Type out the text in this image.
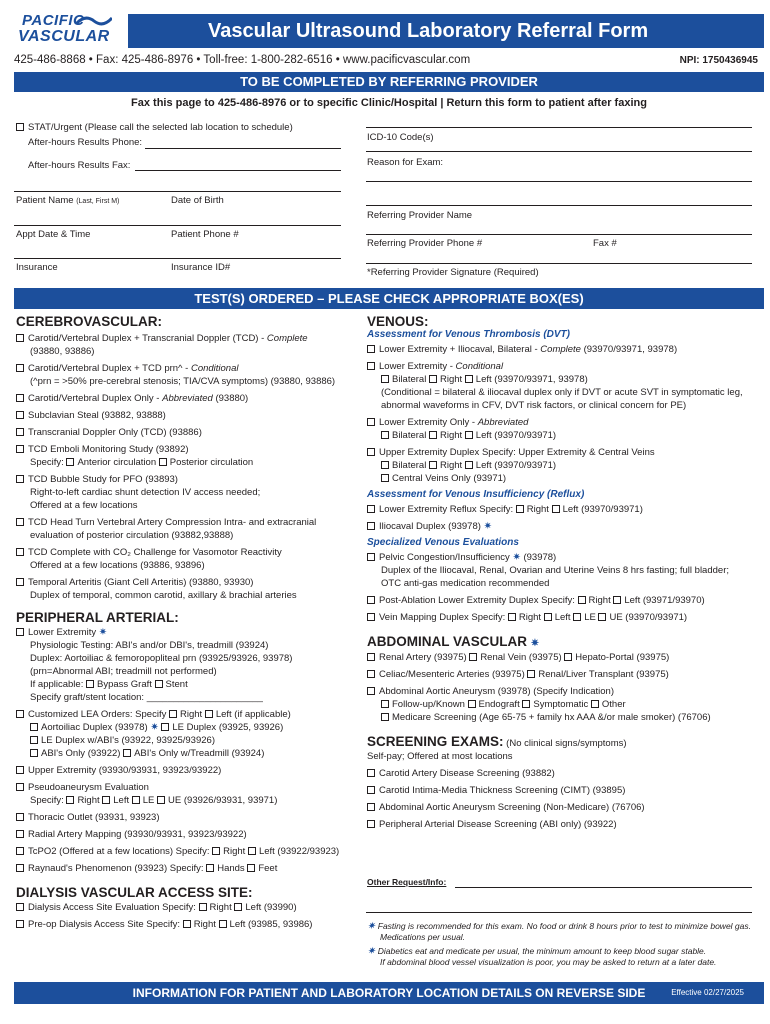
PACIFIC
VASCULAR	Vascular Ultrasound Laboratory Referral Form
425-486-8868 • Fax: 425-486-8976 • Toll-free: 1-800-282-6516 • www.pacificvascular.com	NPI: 1750436945
TO BE COMPLETED BY REFERRING PROVIDER
Fax this page to 425-486-8976 or to specific Clinic/Hospital | Return this form to patient after faxing
STAT/Urgent (Please call the selected lab location to schedule)
After-hours Results Phone:
After-hours Results Fax:
Patient Name (Last, First M)	Date of Birth
Appt Date & Time	Patient Phone #
Insurance	Insurance ID#
ICD-10 Code(s)
Reason for Exam:
Referring Provider Name
Referring Provider Phone #	Fax #
*Referring Provider Signature (Required)
TEST(S) ORDERED – PLEASE CHECK APPROPRIATE BOX(ES)
CEREBROVASCULAR:
Carotid/Vertebral Duplex + Transcranial Doppler (TCD) - Complete
(93880, 93886)
Carotid/Vertebral Duplex + TCD prn^ - Conditional
(^prn = >50% pre-cerebral stenosis; TIA/CVA symptoms) (93880, 93886)
Carotid/Vertebral Duplex Only - Abbreviated (93880)
Subclavian Steal (93882, 93888)
Transcranial Doppler Only (TCD) (93886)
TCD Emboli Monitoring Study (93892)
Specify: Anterior circulation Posterior circulation
TCD Bubble Study for PFO (93893)
Right-to-left cardiac shunt detection IV access needed;
Offered at a few locations
TCD Head Turn Vertebral Artery Compression Intra- and extracranial
evaluation of posterior circulation (93882,93888)
TCD Complete with CO₂ Challenge for Vasomotor Reactivity
Offered at a few locations (93886, 93896)
Temporal Arteritis (Giant Cell Arteritis) (93880, 93930)
Duplex of temporal, common carotid, axillary & brachial arteries
PERIPHERAL ARTERIAL:
Lower Extremity ✷
Physiologic Testing: ABI's and/or DBI's, treadmill (93924)
Duplex: Aortoiliac & femoropopliteal prn (93925/93926, 93978)
(prn=Abnormal ABI; treadmill not performed)
If applicable: Bypass Graft Stent
Specify graft/stent location: ______________________
Customized LEA Orders: Specify Right Left (if applicable)
Aortoiliac Duplex (93978) ✷ LE Duplex (93925, 93926)
LE Duplex w/ABI's (93922, 93925/93926)
ABI's Only (93922) ABI's Only w/Treadmill (93924)
Upper Extremity (93930/93931, 93923/93922)
Pseudoaneurysm Evaluation
Specify: Right Left LE UE (93926/93931, 93971)
Thoracic Outlet (93931, 93923)
Radial Artery Mapping (93930/93931, 93923/93922)
TcPO2 (Offered at a few locations) Specify: Right Left (93922/93923)
Raynaud's Phenomenon (93923) Specify: Hands Feet
DIALYSIS VASCULAR ACCESS SITE:
Dialysis Access Site Evaluation Specify: Right Left (93990)
Pre-op Dialysis Access Site Specify: Right Left (93985, 93986)
VENOUS:
Assessment for Venous Thrombosis (DVT)
Lower Extremity + Iliocaval, Bilateral - Complete (93970/93971, 93978)
Lower Extremity - Conditional
Bilateral Right Left (93970/93971, 93978)
(Conditional = bilateral & iliocaval duplex only if DVT or acute SVT in symptomatic leg,
abnormal waveforms in CFV, DVT risk factors, or clinical concern for PE)
Lower Extremity Only - Abbreviated
Bilateral Right Left (93970/93971)
Upper Extremity Duplex Specify: Upper Extremity & Central Veins
Bilateral Right Left (93970/93971)
Central Veins Only (93971)
Assessment for Venous Insufficiency (Reflux)
Lower Extremity Reflux Specify: Right Left (93970/93971)
Iliocaval Duplex (93978) ✷
Specialized Venous Evaluations
Pelvic Congestion/Insufficiency ✷ (93978)
Duplex of the Iliocaval, Renal, Ovarian and Uterine Veins 8 hrs fasting; full bladder;
OTC anti-gas medication recommended
Post-Ablation Lower Extremity Duplex Specify: Right Left (93971/93970)
Vein Mapping Duplex Specify: Right Left LE UE (93970/93971)
ABDOMINAL VASCULAR ✷
Renal Artery (93975) Renal Vein (93975) Hepato-Portal (93975)
Celiac/Mesenteric Arteries (93975) Renal/Liver Transplant (93975)
Abdominal Aortic Aneurysm (93978) (Specify Indication)
Follow-up/Known Endograft Symptomatic Other
Medicare Screening (Age 65-75 + family hx AAA &/or male smoker) (76706)
SCREENING EXAMS: (No clinical signs/symptoms)
Self-pay; Offered at most locations
Carotid Artery Disease Screening (93882)
Carotid Intima-Media Thickness Screening (CIMT) (93895)
Abdominal Aortic Aneurysm Screening (Non-Medicare) (76706)
Peripheral Arterial Disease Screening (ABI only) (93922)
Other Request/Info:
✷ Fasting is recommended for this exam. No food or drink 8 hours prior to test to minimize bowel gas.
Medications per usual.
✷ Diabetics eat and medicate per usual, the minimum amount to keep blood sugar stable.
If abdominal blood vessel visualization is poor, you may be asked to return at a later date.
INFORMATION FOR PATIENT AND LABORATORY LOCATION DETAILS ON REVERSE SIDE	Effective 02/27/2025
